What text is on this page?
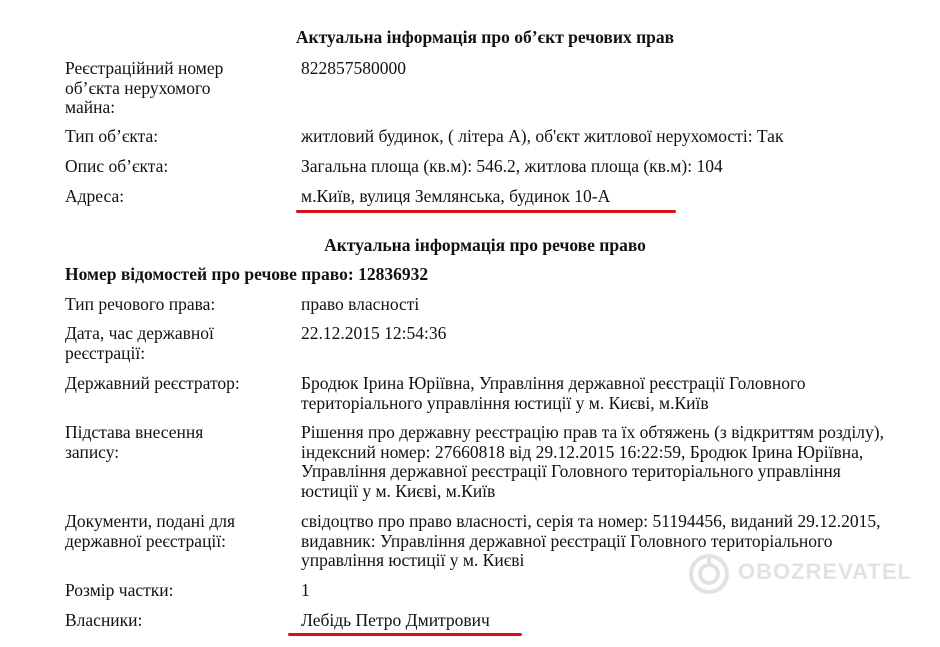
Актуальна інформація про об’єкт речових прав
Реєстраційний номер об’єкта нерухомого майна:
822857580000
Тип об’єкта:	житловий будинок, ( літера А), об'єкт житлової нерухомості: Так
Опис об’єкта:	Загальна площа (кв.м): 546.2, житлова площа (кв.м): 104
Адреса:	м.Київ, вулиця Землянська, будинок 10-А
Актуальна інформація про речове право
Номер відомостей про речове право: 12836932
Тип речового права:	право власності
Дата, час державної реєстрації:
22.12.2015 12:54:36
Державний реєстратор:	Бродюк Ірина Юріївна, Управління державної реєстрації Головного територіального управління юстиції у м. Києві, м.Київ
Підстава внесення запису:
Рішення про державну реєстрацію прав та їх обтяжень (з відкриттям розділу), індексний номер: 27660818 від 29.12.2015 16:22:59, Бродюк Ірина Юріївна, Управління державної реєстрації Головного територіального управління юстиції у м. Києві, м.Київ
Документи, подані для державної реєстрації:
свідоцтво про право власності, серія та номер: 51194456, виданий 29.12.2015, видавник: Управління державної реєстрації Головного територіального управління юстиції у м. Києві
Розмір частки:	1
Власники:	Лебідь Петро Дмитрович
OBOZREVATEL
